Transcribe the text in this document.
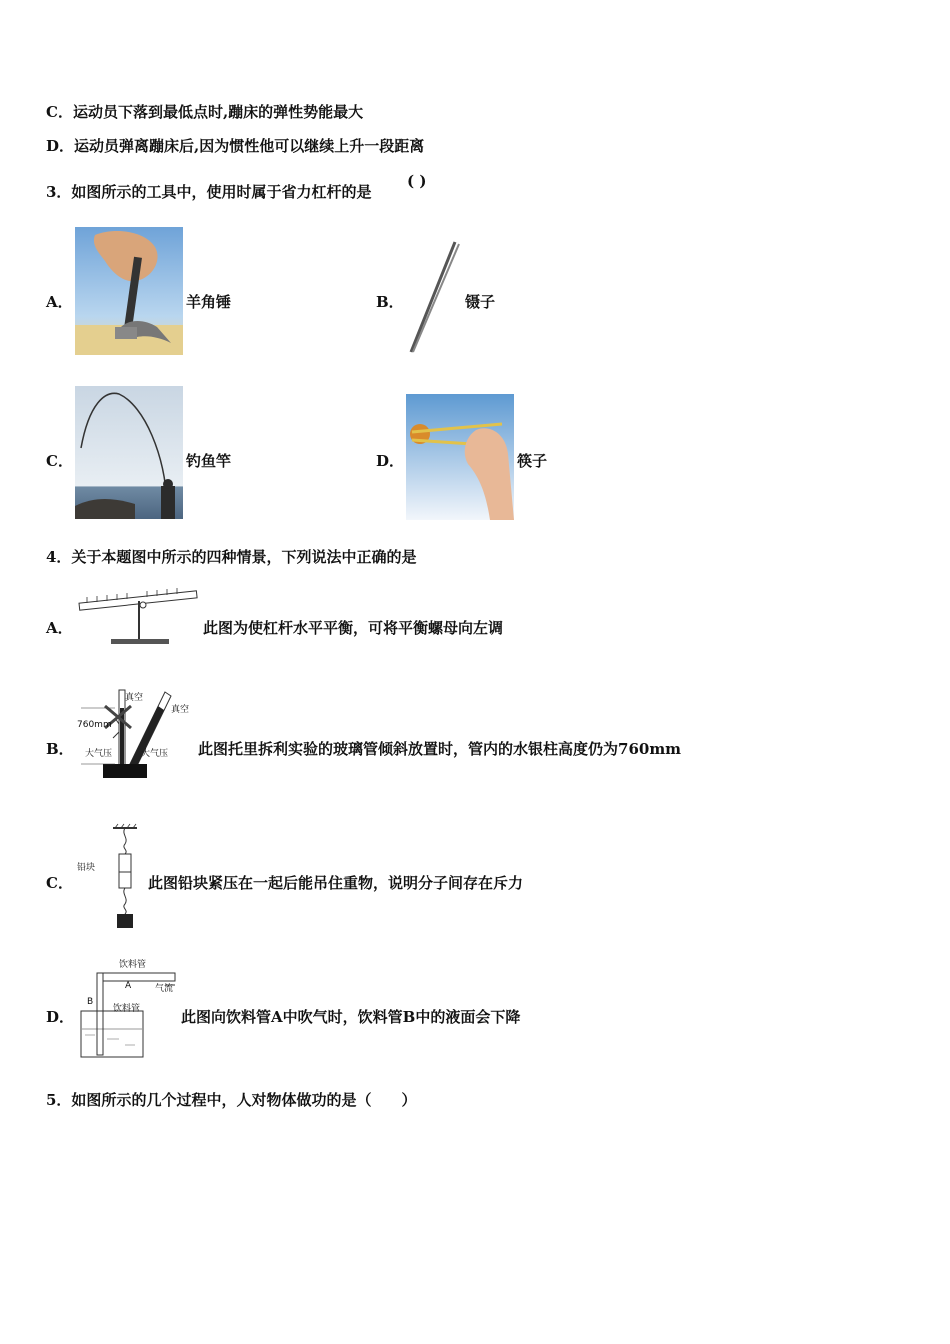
C．运动员下落到最低点时,蹦床的弹性势能最大
D．运动员弹离蹦床后,因为惯性他可以继续上升一段距离
3．如图所示的工具中，使用时属于省力杠杆的是
( )
A．	羊角锤	B．	镊子
C．	钓鱼竿	D．	筷子
4．关于本题图中所示的四种情景，下列说法中正确的是
A．	此图为使杠杆水平平衡，可将平衡螺母向左调
B．
真空
真空
760mm
大气压	大气压 此图托里拆利实验的玻璃管倾斜放置时，管内的水银柱高度仍为760mm
C．
铅块
此图铅块紧压在一起后能吊住重物，说明分子间存在斥力
D．
饮料管
A	气流
B
饮料管	此图向饮料管A中吹气时，饮料管B中的液面会下降
5．如图所示的几个过程中，人对物体做功的是（　　）
